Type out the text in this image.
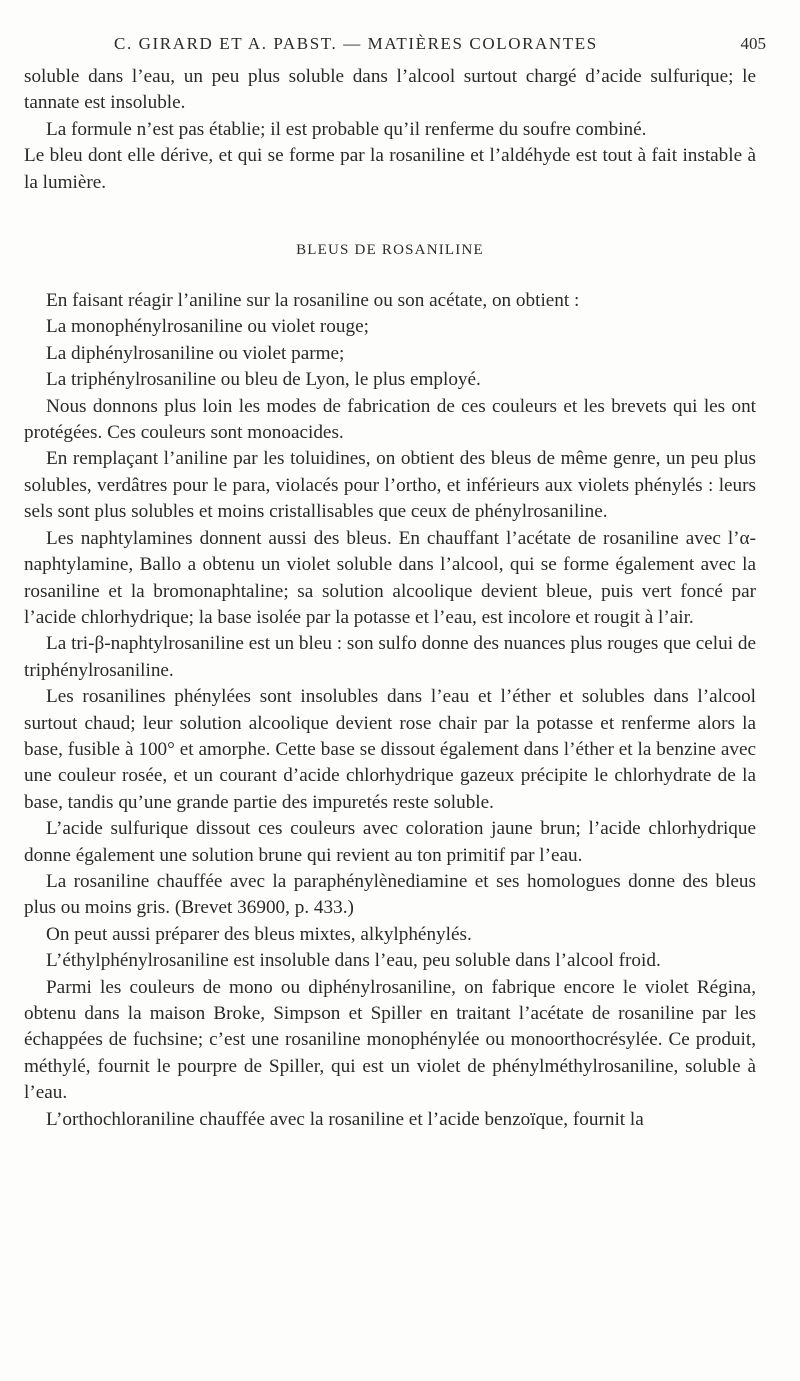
C. GIRARD ET A. PABST. — MATIÈRES COLORANTES	405

soluble dans l’eau, un peu plus soluble dans l’alcool surtout chargé d’acide sulfurique; le tannate est insoluble.

La formule n’est pas établie; il est probable qu’il renferme du soufre combiné.

Le bleu dont elle dérive, et qui se forme par la rosaniline et l’aldéhyde est tout à fait instable à la lumière.

BLEUS DE ROSANILINE

En faisant réagir l’aniline sur la rosaniline ou son acétate, on obtient :

La monophénylrosaniline ou violet rouge;

La diphénylrosaniline ou violet parme;

La triphénylrosaniline ou bleu de Lyon, le plus employé.

Nous donnons plus loin les modes de fabrication de ces couleurs et les brevets qui les ont protégées. Ces couleurs sont monoacides.

En remplaçant l’aniline par les toluidines, on obtient des bleus de même genre, un peu plus solubles, verdâtres pour le para, violacés pour l’ortho, et inférieurs aux violets phénylés : leurs sels sont plus solubles et moins cristallisables que ceux de phénylrosaniline.

Les naphtylamines donnent aussi des bleus. En chauffant l’acétate de rosaniline avec l’α-naphtylamine, Ballo a obtenu un violet soluble dans l’alcool, qui se forme également avec la rosaniline et la bromonaphtaline; sa solution alcoolique devient bleue, puis vert foncé par l’acide chlorhydrique; la base isolée par la potasse et l’eau, est incolore et rougit à l’air.

La tri-β-naphtylrosaniline est un bleu : son sulfo donne des nuances plus rouges que celui de triphénylrosaniline.

Les rosanilines phénylées sont insolubles dans l’eau et l’éther et solubles dans l’alcool surtout chaud; leur solution alcoolique devient rose chair par la potasse et renferme alors la base, fusible à 100° et amorphe. Cette base se dissout également dans l’éther et la benzine avec une couleur rosée, et un courant d’acide chlorhydrique gazeux précipite le chlorhydrate de la base, tandis qu’une grande partie des impuretés reste soluble.

L’acide sulfurique dissout ces couleurs avec coloration jaune brun; l’acide chlorhydrique donne également une solution brune qui revient au ton primitif par l’eau.

La rosaniline chauffée avec la paraphénylènediamine et ses homologues donne des bleus plus ou moins gris. (Brevet 36900, p. 433.)

On peut aussi préparer des bleus mixtes, alkylphénylés.

L’éthylphénylrosaniline est insoluble dans l’eau, peu soluble dans l’alcool froid.

Parmi les couleurs de mono ou diphénylrosaniline, on fabrique encore le violet Régina, obtenu dans la maison Broke, Simpson et Spiller en traitant l’acétate de rosaniline par les échappées de fuchsine; c’est une rosaniline monophénylée ou monoorthocrésylée. Ce produit, méthylé, fournit le pourpre de Spiller, qui est un violet de phénylméthylrosaniline, soluble à l’eau.

L’orthochloraniline chauffée avec la rosaniline et l’acide benzoïque, fournit la
